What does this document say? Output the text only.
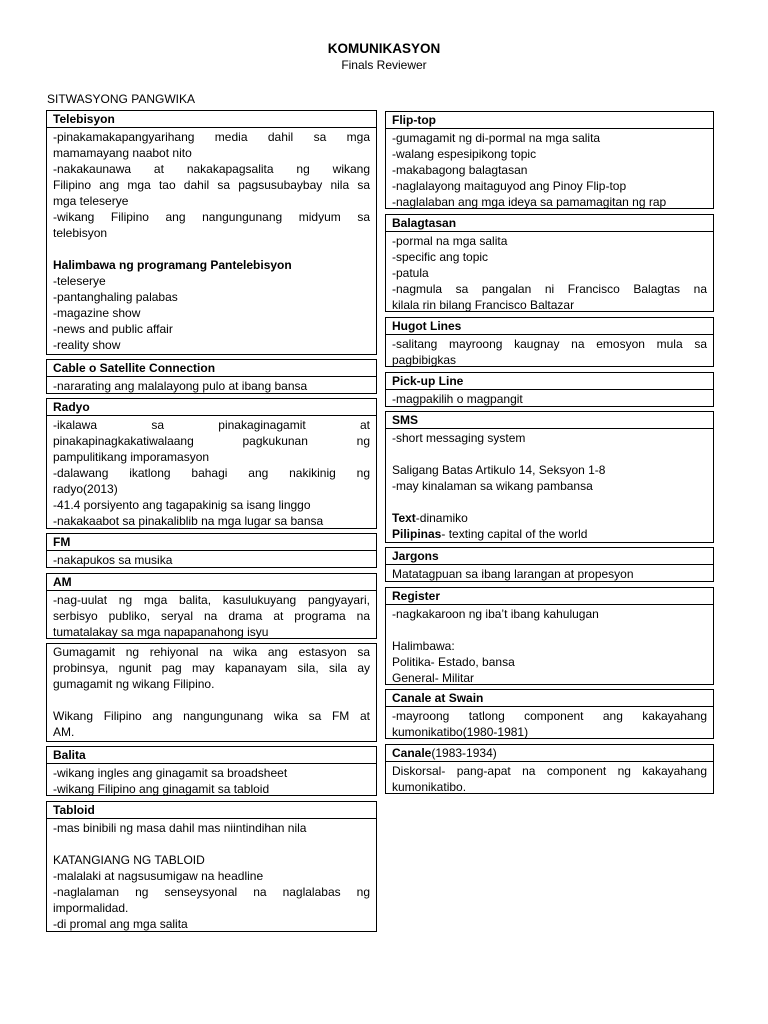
KOMUNIKASYON
Finals Reviewer
SITWASYONG PANGWIKA
Telebisyon
-pinakamakapangyarihang media dahil sa mga
mamamayang naabot nito
-nakakaunawa at nakakapagsalita ng wikang
Filipino ang mga tao dahil sa pagsusubaybay nila sa
mga teleserye
-wikang Filipino ang nangungunang midyum sa
telebisyon
Halimbawa ng programang Pantelebisyon
-teleserye
-pantanghaling palabas
-magazine show
-news and public affair
-reality show
Cable o Satellite Connection
-nararating ang malalayong pulo at ibang bansa
Radyo
-ikalawa sa pinakaginagamit at
pinakapinagkakatiwalaang pagkukunan ng
pampulitikang imporamasyon
-dalawang ikatlong bahagi ang nakikinig ng
radyo(2013)
-41.4 porsiyento ang tagapakinig sa isang linggo
-nakakaabot sa pinakaliblib na mga lugar sa bansa
FM
-nakapukos sa musika
AM
-nag-uulat ng mga balita, kasulukuyang pangyayari,
serbisyo publiko, seryal na drama at programa na
tumatalakay sa mga napapanahong isyu
Gumagamit ng rehiyonal na wika ang estasyon sa
probinsya, ngunit pag may kapanayam sila, sila ay
gumagamit ng wikang Filipino.
Wikang Filipino ang nangungunang wika sa FM at
AM.
Balita
-wikang ingles ang ginagamit sa broadsheet
-wikang Filipino ang ginagamit sa tabloid
Tabloid
-mas binibili ng masa dahil mas niintindihan nila
KATANGIANG NG TABLOID
-malalaki at nagsusumigaw na headline
-naglalaman ng senseysyonal na naglalabas ng
impormalidad.
-di promal ang mga salita
Flip-top
-gumagamit ng di-pormal na mga salita
-walang espesipikong topic
-makabagong balagtasan
-naglalayong maitaguyod ang Pinoy Flip-top
-naglalaban ang mga ideya sa pamamagitan ng rap
Balagtasan
-pormal na mga salita
-specific ang topic
-patula
-nagmula sa pangalan ni Francisco Balagtas na
kilala rin bilang Francisco Baltazar
Hugot Lines
-salitang mayroong kaugnay na emosyon mula sa
pagbibigkas
Pick-up Line
-magpakilih o magpangit
SMS
-short messaging system
Saligang Batas Artikulo 14, Seksyon 1-8
-may kinalaman sa wikang pambansa
Text-dinamiko
Pilipinas- texting capital of the world
Jargons
Matatagpuan sa ibang larangan at propesyon
Register
-nagkakaroon ng iba’t ibang kahulugan
Halimbawa:
Politika- Estado, bansa
General- Militar
Canale at Swain
-mayroong tatlong component ang kakayahang
kumonikatibo(1980-1981)
Canale(1983-1934)
Diskorsal- pang-apat na component ng kakayahang
kumonikatibo.
